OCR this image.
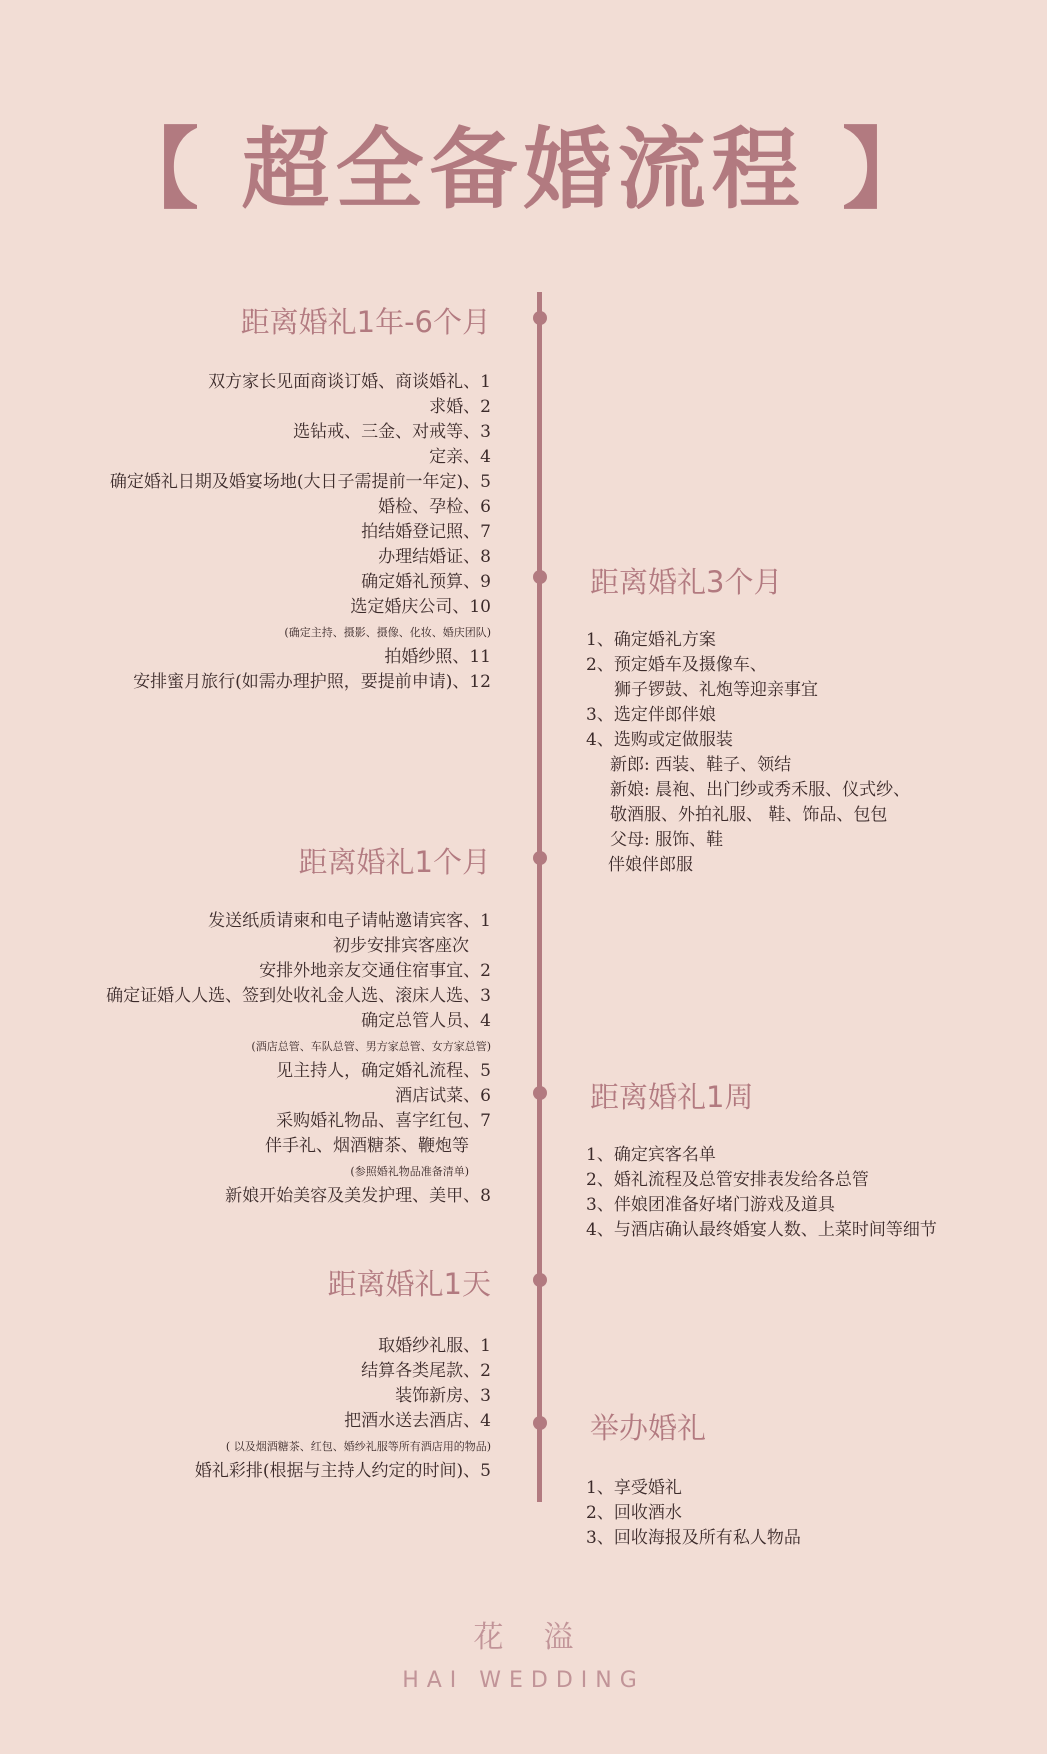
【 超全备婚流程 】
距离婚礼1年-6个月
双方家长见面商谈订婚、商谈婚礼、1
求婚、2
选钻戒、三金、对戒等、3
定亲、4
确定婚礼日期及婚宴场地(大日子需提前一年定)、5
婚检、孕检、6
拍结婚登记照、7
办理结婚证、8
确定婚礼预算、9
选定婚庆公司、10
(确定主持、摄影、摄像、化妆、婚庆团队)
拍婚纱照、11
安排蜜月旅行(如需办理护照，要提前申请)、12
距离婚礼3个月
1、确定婚礼方案
2、预定婚车及摄像车、
狮子锣鼓、礼炮等迎亲事宜
3、选定伴郎伴娘
4、选购或定做服装
新郎: 西装、鞋子、领结
新娘: 晨袍、出门纱或秀禾服、仪式纱、
敬酒服、外拍礼服、 鞋、饰品、包包
父母: 服饰、鞋
伴娘伴郎服
距离婚礼1个月
发送纸质请柬和电子请帖邀请宾客、1
初步安排宾客座次
安排外地亲友交通住宿事宜、2
确定证婚人人选、签到处收礼金人选、滚床人选、3
确定总管人员、4
(酒店总管、车队总管、男方家总管、女方家总管)
见主持人，确定婚礼流程、5
酒店试菜、6
采购婚礼物品、喜字红包、7
伴手礼、烟酒糖茶、鞭炮等
(参照婚礼物品准备清单)
新娘开始美容及美发护理、美甲、8
距离婚礼1周
1、确定宾客名单
2、婚礼流程及总管安排表发给各总管
3、伴娘团准备好堵门游戏及道具
4、与酒店确认最终婚宴人数、上菜时间等细节
距离婚礼1天
取婚纱礼服、1
结算各类尾款、2
装饰新房、3
把酒水送去酒店、4
( 以及烟酒糖茶、红包、婚纱礼服等所有酒店用的物品)
婚礼彩排(根据与主持人约定的时间)、5
举办婚礼
1、享受婚礼
2、回收酒水
3、回收海报及所有私人物品
花溢
HAI WEDDING
